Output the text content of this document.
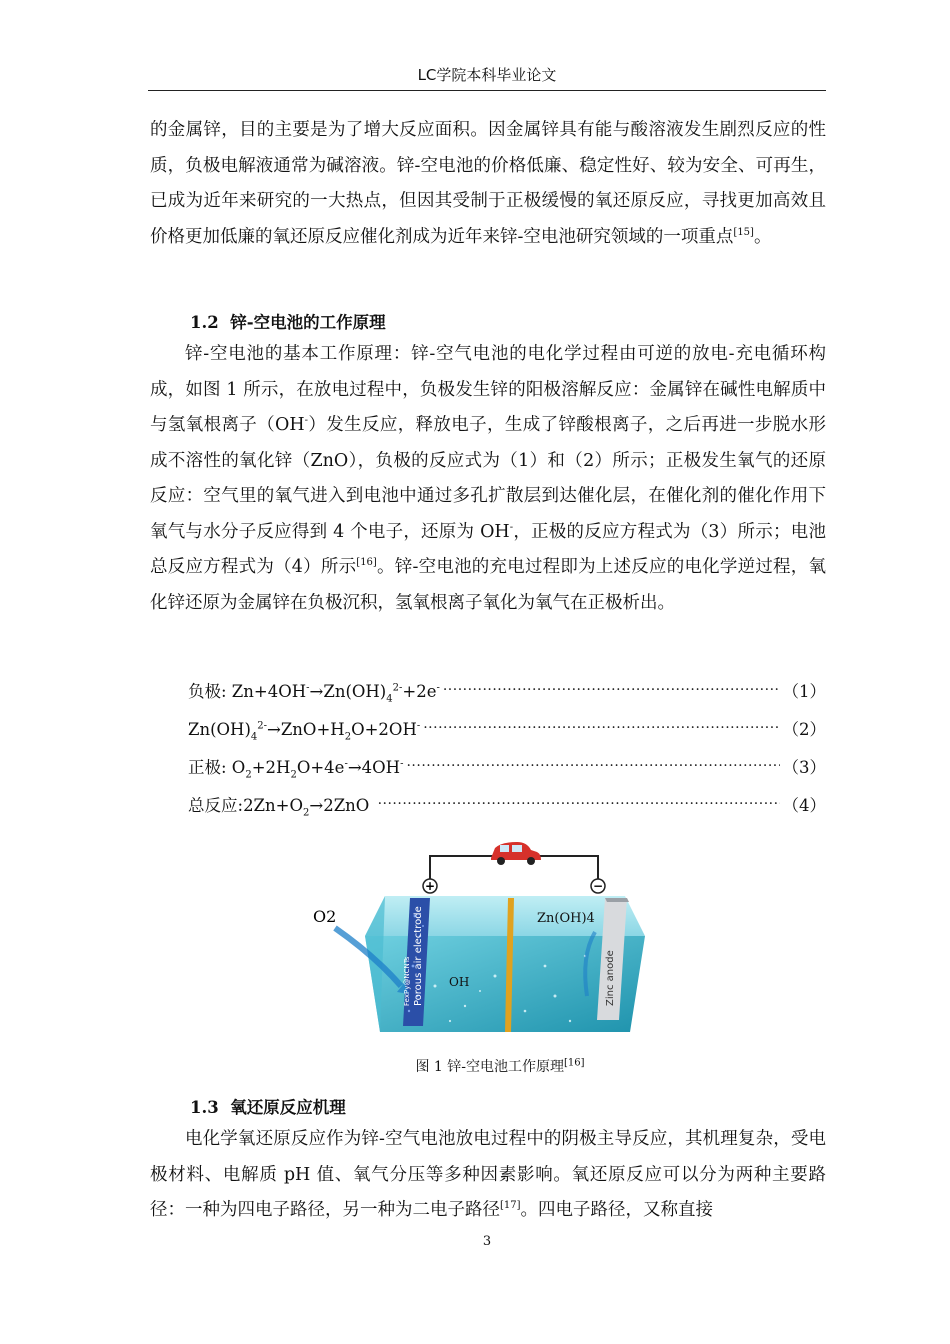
LC学院本科毕业论文

的金属锌，目的主要是为了增大反应面积。因金属锌具有能与酸溶液发生剧烈反应的性质，负极电解液通常为碱溶液。锌-空电池的价格低廉、稳定性好、较为安全、可再生，已成为近年来研究的一大热点，但因其受制于正极缓慢的氧还原反应，寻找更加高效且价格更加低廉的氧还原反应催化剂成为近年来锌-空电池研究领域的一项重点[15]。

1.2 锌-空电池的工作原理

锌-空电池的基本工作原理：锌-空气电池的电化学过程由可逆的放电-充电循环构成，如图 1 所示，在放电过程中，负极发生锌的阳极溶解反应：金属锌在碱性电解质中与氢氧根离子（OH-）发生反应，释放电子，生成了锌酸根离子，之后再进一步脱水形成不溶性的氧化锌（ZnO），负极的反应式为（1）和（2）所示；正极发生氧气的还原反应：空气里的氧气进入到电池中通过多孔扩散层到达催化层，在催化剂的催化作用下氧气与水分子反应得到 4 个电子，还原为 OH-，正极的反应方程式为（3）所示；电池总反应方程式为（4）所示[16]。锌-空电池的充电过程即为上述反应的电化学逆过程，氧化锌还原为金属锌在负极沉积，氢氧根离子氧化为氧气在正极析出。

负极: $Zn+4OH^-\to Zn(OH)_4^{2-}+2e^-$ ·····	（1）
$Zn(OH)_4^{2-}\to ZnO+H_2O+2OH^-$ ·····	（2）
正极: $O_2+2H_2O+4e^-\to 4OH^-$ ·····	（3）
总反应$:2Zn+O_2\to 2ZnO$ ·····	（4）
+	−
O2
OH
Zn(OH)4
Porous air electrode
FexPy@NCNTs	Zinc anode
图 1 锌-空电池工作原理[16]
1.3 氧还原反应机理

电化学氧还原反应作为锌-空气电池放电过程中的阴极主导反应，其机理复杂，受电极材料、电解质 pH 值、氧气分压等多种因素影响。氧还原反应可以分为两种主要路径：一种为四电子路径，另一种为二电子路径[17]。四电子路径，又称直接

3
